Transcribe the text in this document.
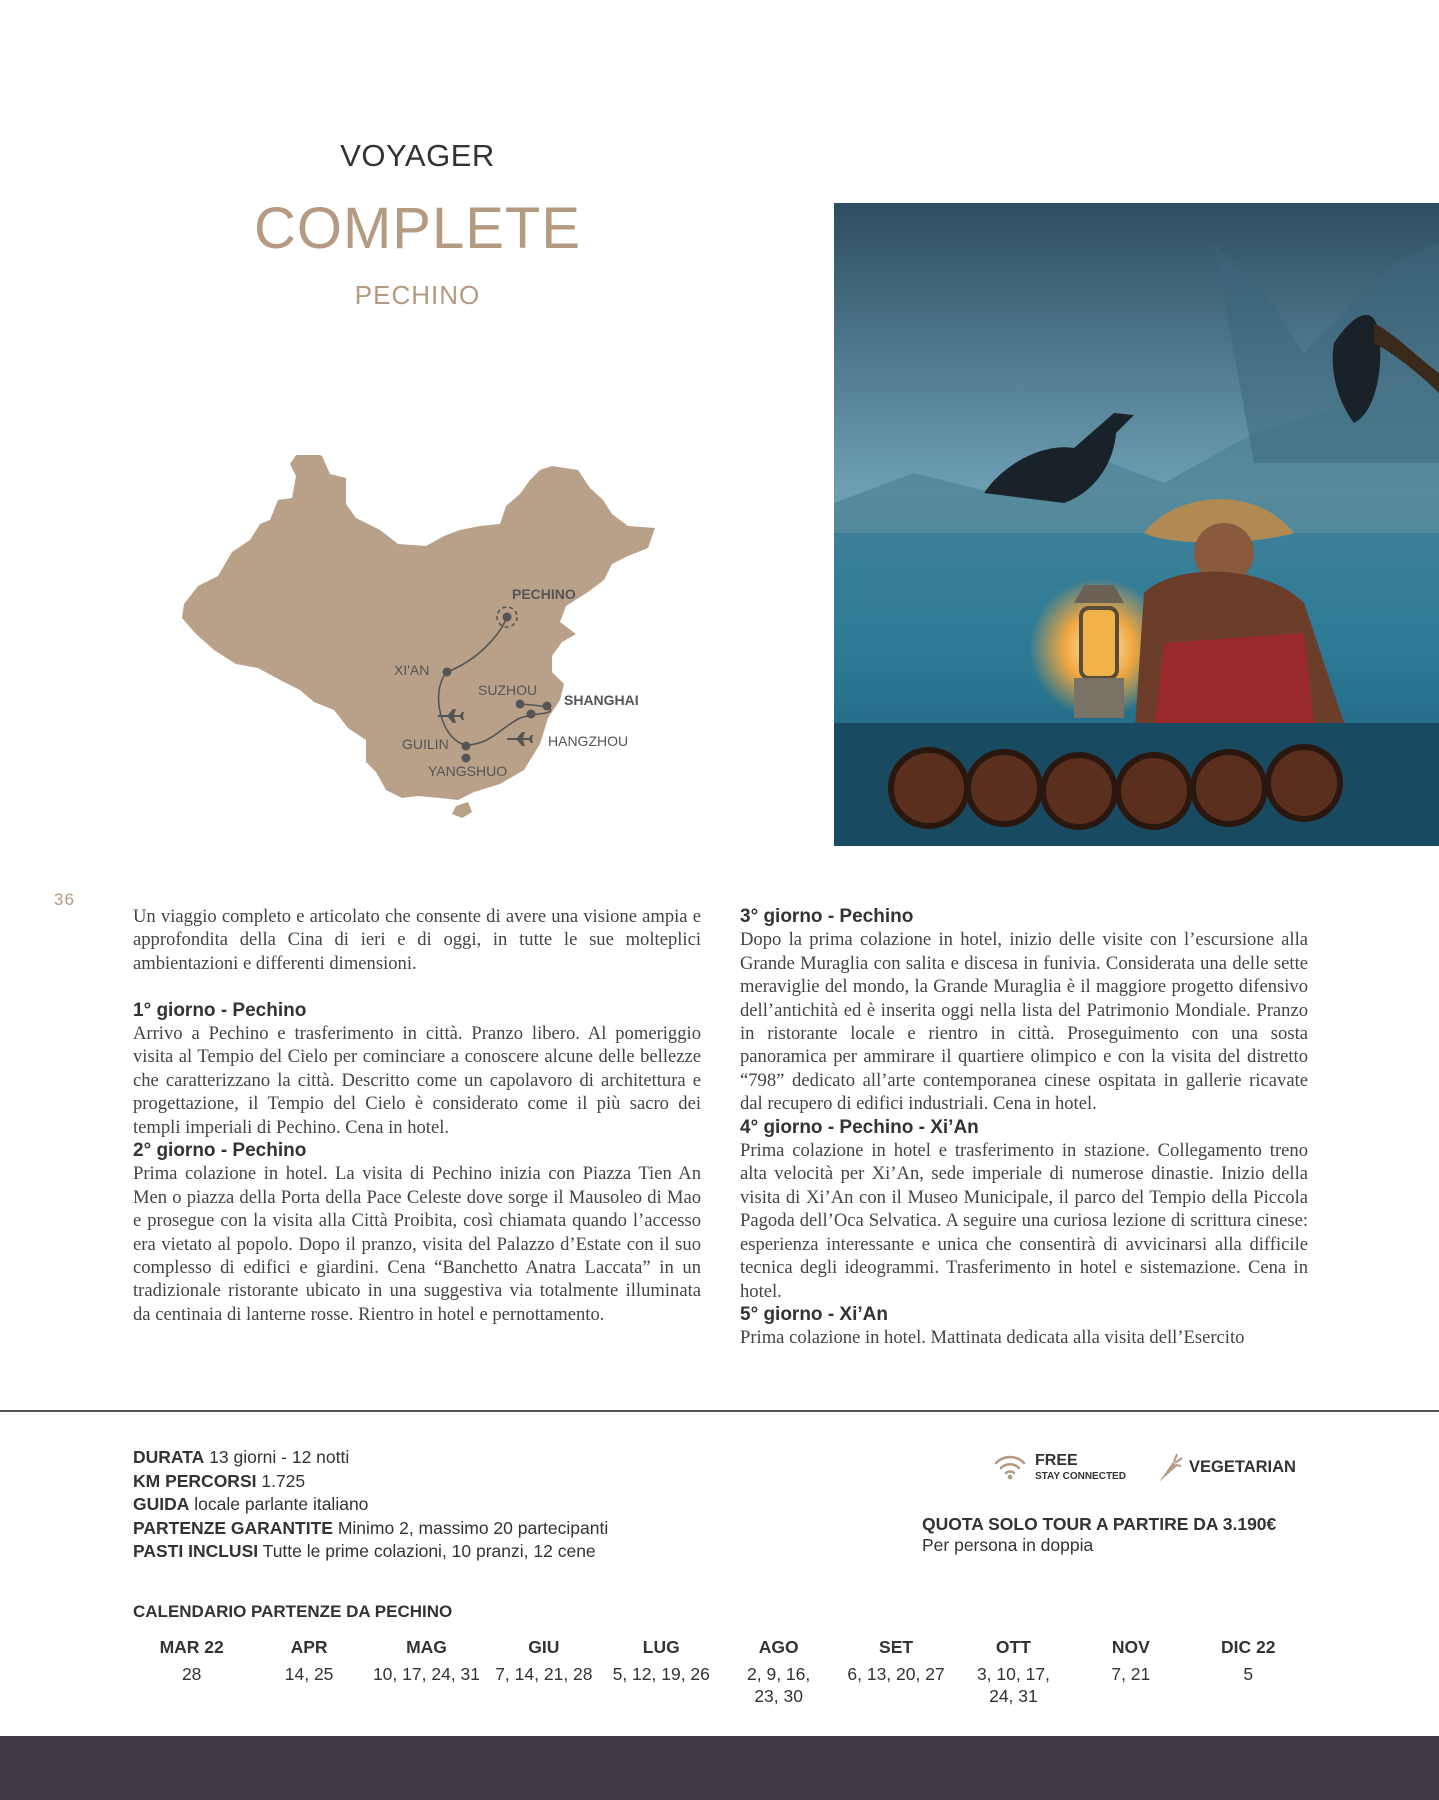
VOYAGER
COMPLETE
PECHINO
PECHINO
XI'AN
SUZHOU
SHANGHAI
HANGZHOU
GUILIN
YANGSHUO
36

Un viaggio completo e articolato che consente di avere una visione ampia e approfondita della Cina di ieri e di oggi, in tutte le sue molteplici ambientazioni e differenti dimensioni.

1° giorno - Pechino

Arrivo a Pechino e trasferimento in città. Pranzo libero. Al pomeriggio visita al Tempio del Cielo per cominciare a conoscere alcune delle bellezze che caratterizzano la città. Descritto come un capolavoro di architettura e progettazione, il Tempio del Cielo è considerato come il più sacro dei templi imperiali di Pechino. Cena in hotel.

2° giorno - Pechino

Prima colazione in hotel. La visita di Pechino inizia con Piazza Tien An Men o piazza della Porta della Pace Celeste dove sorge il Mausoleo di Mao e prosegue con la visita alla Città Proibita, così chiamata quando l’accesso era vietato al popolo. Dopo il pranzo, visita del Palazzo d’Estate con il suo complesso di edifici e giardini. Cena “Banchetto Anatra Laccata” in un tradizionale ristorante ubicato in una suggestiva via totalmente illuminata da centinaia di lanterne rosse. Rientro in hotel e pernottamento.

3° giorno - Pechino

Dopo la prima colazione in hotel, inizio delle visite con l’escursione alla Grande Muraglia con salita e discesa in funivia. Considerata una delle sette meraviglie del mondo, la Grande Muraglia è il maggiore progetto difensivo dell’antichità ed è inserita oggi nella lista del Patrimonio Mondiale. Pranzo in ristorante locale e rientro in città. Proseguimento con una sosta panoramica per ammirare il quartiere olimpico e con la visita del distretto “798” dedicato all’arte contemporanea cinese ospitata in gallerie ricavate dal recupero di edifici industriali. Cena in hotel.

4° giorno - Pechino - Xi’An

Prima colazione in hotel e trasferimento in stazione. Collegamento treno alta velocità per Xi’An, sede imperiale di numerose dinastie. Inizio della visita di Xi’An con il Museo Municipale, il parco del Tempio della Piccola Pagoda dell’Oca Selvatica. A seguire una curiosa lezione di scrittura cinese: esperienza interessante e unica che consentirà di avvicinarsi alla difficile tecnica degli ideogrammi. Trasferimento in hotel e sistemazione. Cena in hotel.

5° giorno - Xi’An

Prima colazione in hotel. Mattinata dedicata alla visita dell’Esercito

DURATA 13 giorni - 12 notti
KM PERCORSI 1.725
GUIDA locale parlante italiano
PARTENZE GARANTITE Minimo 2, massimo 20 partecipanti
PASTI INCLUSI Tutte le prime colazioni, 10 pranzi, 12 cene
FREE
STAY CONNECTED
VEGETARIAN
QUOTA SOLO TOUR A PARTIRE DA 3.190€
Per persona in doppia
CALENDARIO PARTENZE DA PECHINO
MAR 22
28
APR
14, 25
MAG
10, 17, 24, 31
GIU
7, 14, 21, 28
LUG
5, 12, 19, 26
AGO
2, 9, 16, 23, 30
SET
6, 13, 20, 27
OTT
3, 10, 17, 24, 31
NOV
7, 21
DIC 22
5
